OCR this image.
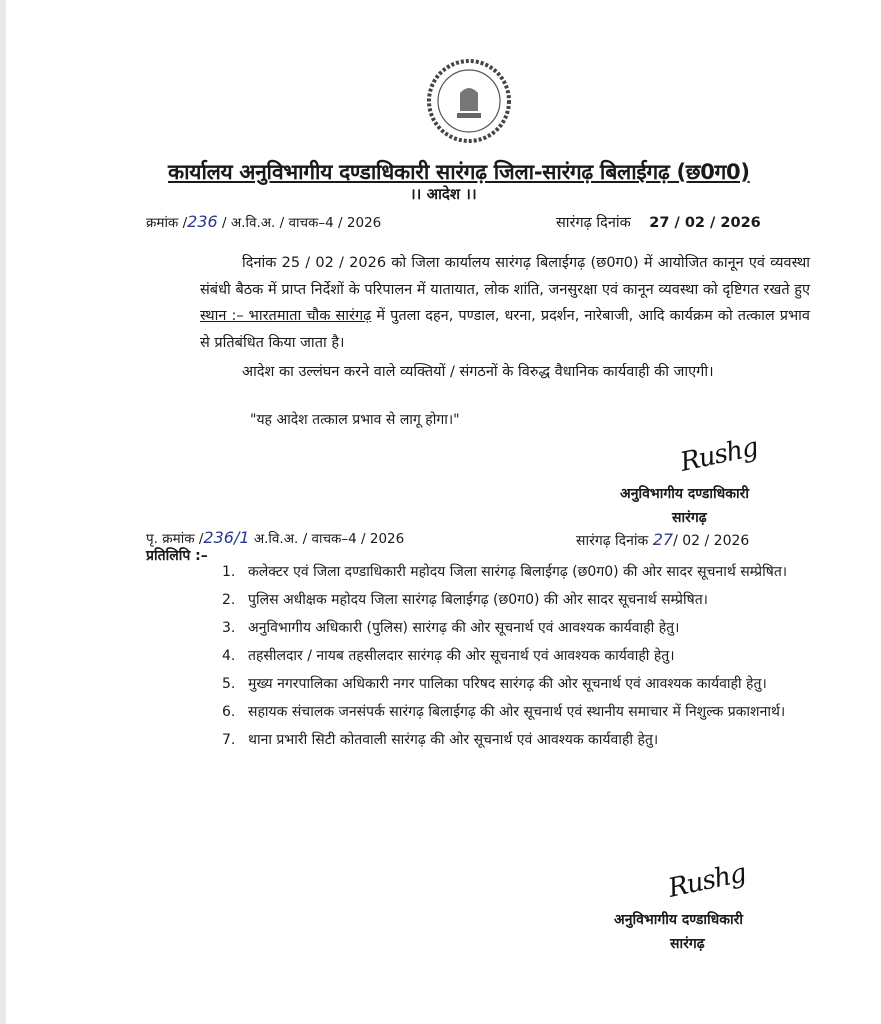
कार्यालय अनुविभागीय दण्डाधिकारी सारंगढ़ जिला-सारंगढ़ बिलाईगढ़ (छ0ग0)
।। आदेश ।।
क्रमांक /236 / अ.वि.अ. / वाचक–4 / 2026	सारंगढ़ दिनांक 27 / 02 / 2026
दिनांक 25 / 02 / 2026 को जिला कार्यालय सारंगढ़ बिलाईगढ़ (छ0ग0) में आयोजित कानून एवं व्यवस्था संबंधी बैठक में प्राप्त निर्देशों के परिपालन में यातायात, लोक शांति, जनसुरक्षा एवं कानून व्यवस्था को दृष्टिगत रखते हुए स्थान :– भारतमाता चौक सारंगढ़ में पुतला दहन, पण्डाल, धरना, प्रदर्शन, नारेबाजी, आदि कार्यक्रम को तत्काल प्रभाव से प्रतिबंधित किया जाता है।
आदेश का उल्लंघन करने वाले व्यक्तियों / संगठनों के विरुद्ध वैधानिक कार्यवाही की जाएगी।
"यह आदेश तत्काल प्रभाव से लागू होगा।"
Rushg
अनुविभागीय दण्डाधिकारी
सारंगढ़
पृ. क्रमांक /236/1 अ.वि.अ. / वाचक–4 / 2026	सारंगढ़ दिनांक 27/ 02 / 2026
प्रतिलिपि :–
1. कलेक्टर एवं जिला दण्डाधिकारी महोदय जिला सारंगढ़ बिलाईगढ़ (छ0ग0) की ओर सादर सूचनार्थ सम्प्रेषित।
2. पुलिस अधीक्षक महोदय जिला सारंगढ़ बिलाईगढ़ (छ0ग0) की ओर सादर सूचनार्थ सम्प्रेषित।
3. अनुविभागीय अधिकारी (पुलिस) सारंगढ़ की ओर सूचनार्थ एवं आवश्यक कार्यवाही हेतु।
4. तहसीलदार / नायब तहसीलदार सारंगढ़ की ओर सूचनार्थ एवं आवश्यक कार्यवाही हेतु।
5. मुख्य नगरपालिका अधिकारी नगर पालिका परिषद सारंगढ़ की ओर सूचनार्थ एवं आवश्यक कार्यवाही हेतु।
6. सहायक संचालक जनसंपर्क सारंगढ़ बिलाईगढ़ की ओर सूचनार्थ एवं स्थानीय समाचार में निशुल्क प्रकाशनार्थ।
7. थाना प्रभारी सिटी कोतवाली सारंगढ़ की ओर सूचनार्थ एवं आवश्यक कार्यवाही हेतु।
Rushg
अनुविभागीय दण्डाधिकारी
सारंगढ़
